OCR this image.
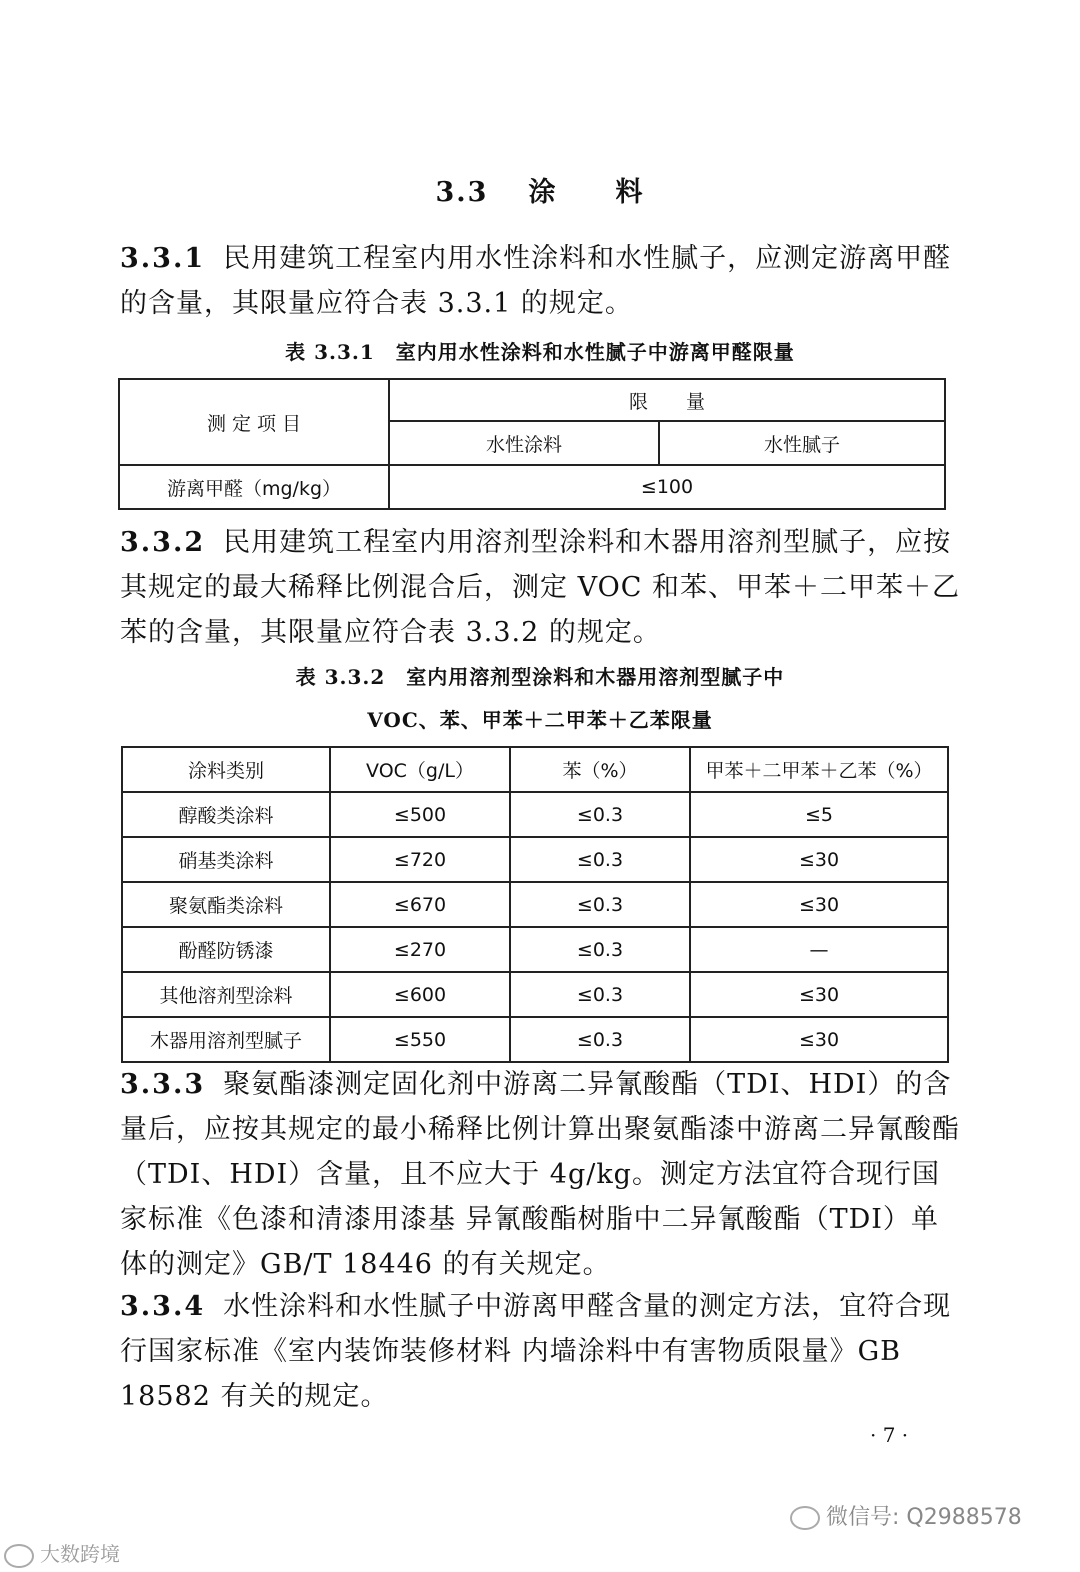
3.3 涂　　料
3.3.1 民用建筑工程室内用水性涂料和水性腻子，应测定游离甲醛的含量，其限量应符合表 3.3.1 的规定。
表 3.3.1　室内用水性涂料和水性腻子中游离甲醛限量
测 定 项 目	限　　量	
	水性涂料	水性腻子
游离甲醛（mg/kg）	≤100	
3.3.2 民用建筑工程室内用溶剂型涂料和木器用溶剂型腻子，应按其规定的最大稀释比例混合后，测定 VOC 和苯、甲苯＋二甲苯＋乙苯的含量，其限量应符合表 3.3.2 的规定。
表 3.3.2　室内用溶剂型涂料和木器用溶剂型腻子中
VOC、苯、甲苯＋二甲苯＋乙苯限量
涂料类别	VOC（g/L）	苯（%）	甲苯＋二甲苯＋乙苯（%）
醇酸类涂料	≤500	≤0.3	≤5
硝基类涂料	≤720	≤0.3	≤30
聚氨酯类涂料	≤670	≤0.3	≤30
酚醛防锈漆	≤270	≤0.3	—
其他溶剂型涂料	≤600	≤0.3	≤30
木器用溶剂型腻子	≤550	≤0.3	≤30
3.3.3 聚氨酯漆测定固化剂中游离二异氰酸酯（TDI、HDI）的含量后，应按其规定的最小稀释比例计算出聚氨酯漆中游离二异氰酸酯（TDI、HDI）含量，且不应大于 4g/kg。测定方法宜符合现行国家标准《色漆和清漆用漆基 异氰酸酯树脂中二异氰酸酯（TDI）单体的测定》GB/T 18446 的有关规定。
3.3.4 水性涂料和水性腻子中游离甲醛含量的测定方法，宜符合现行国家标准《室内装饰装修材料 内墙涂料中有害物质限量》GB 18582 有关的规定。
· 7 ·
微信号: Q2988578
大数跨境
